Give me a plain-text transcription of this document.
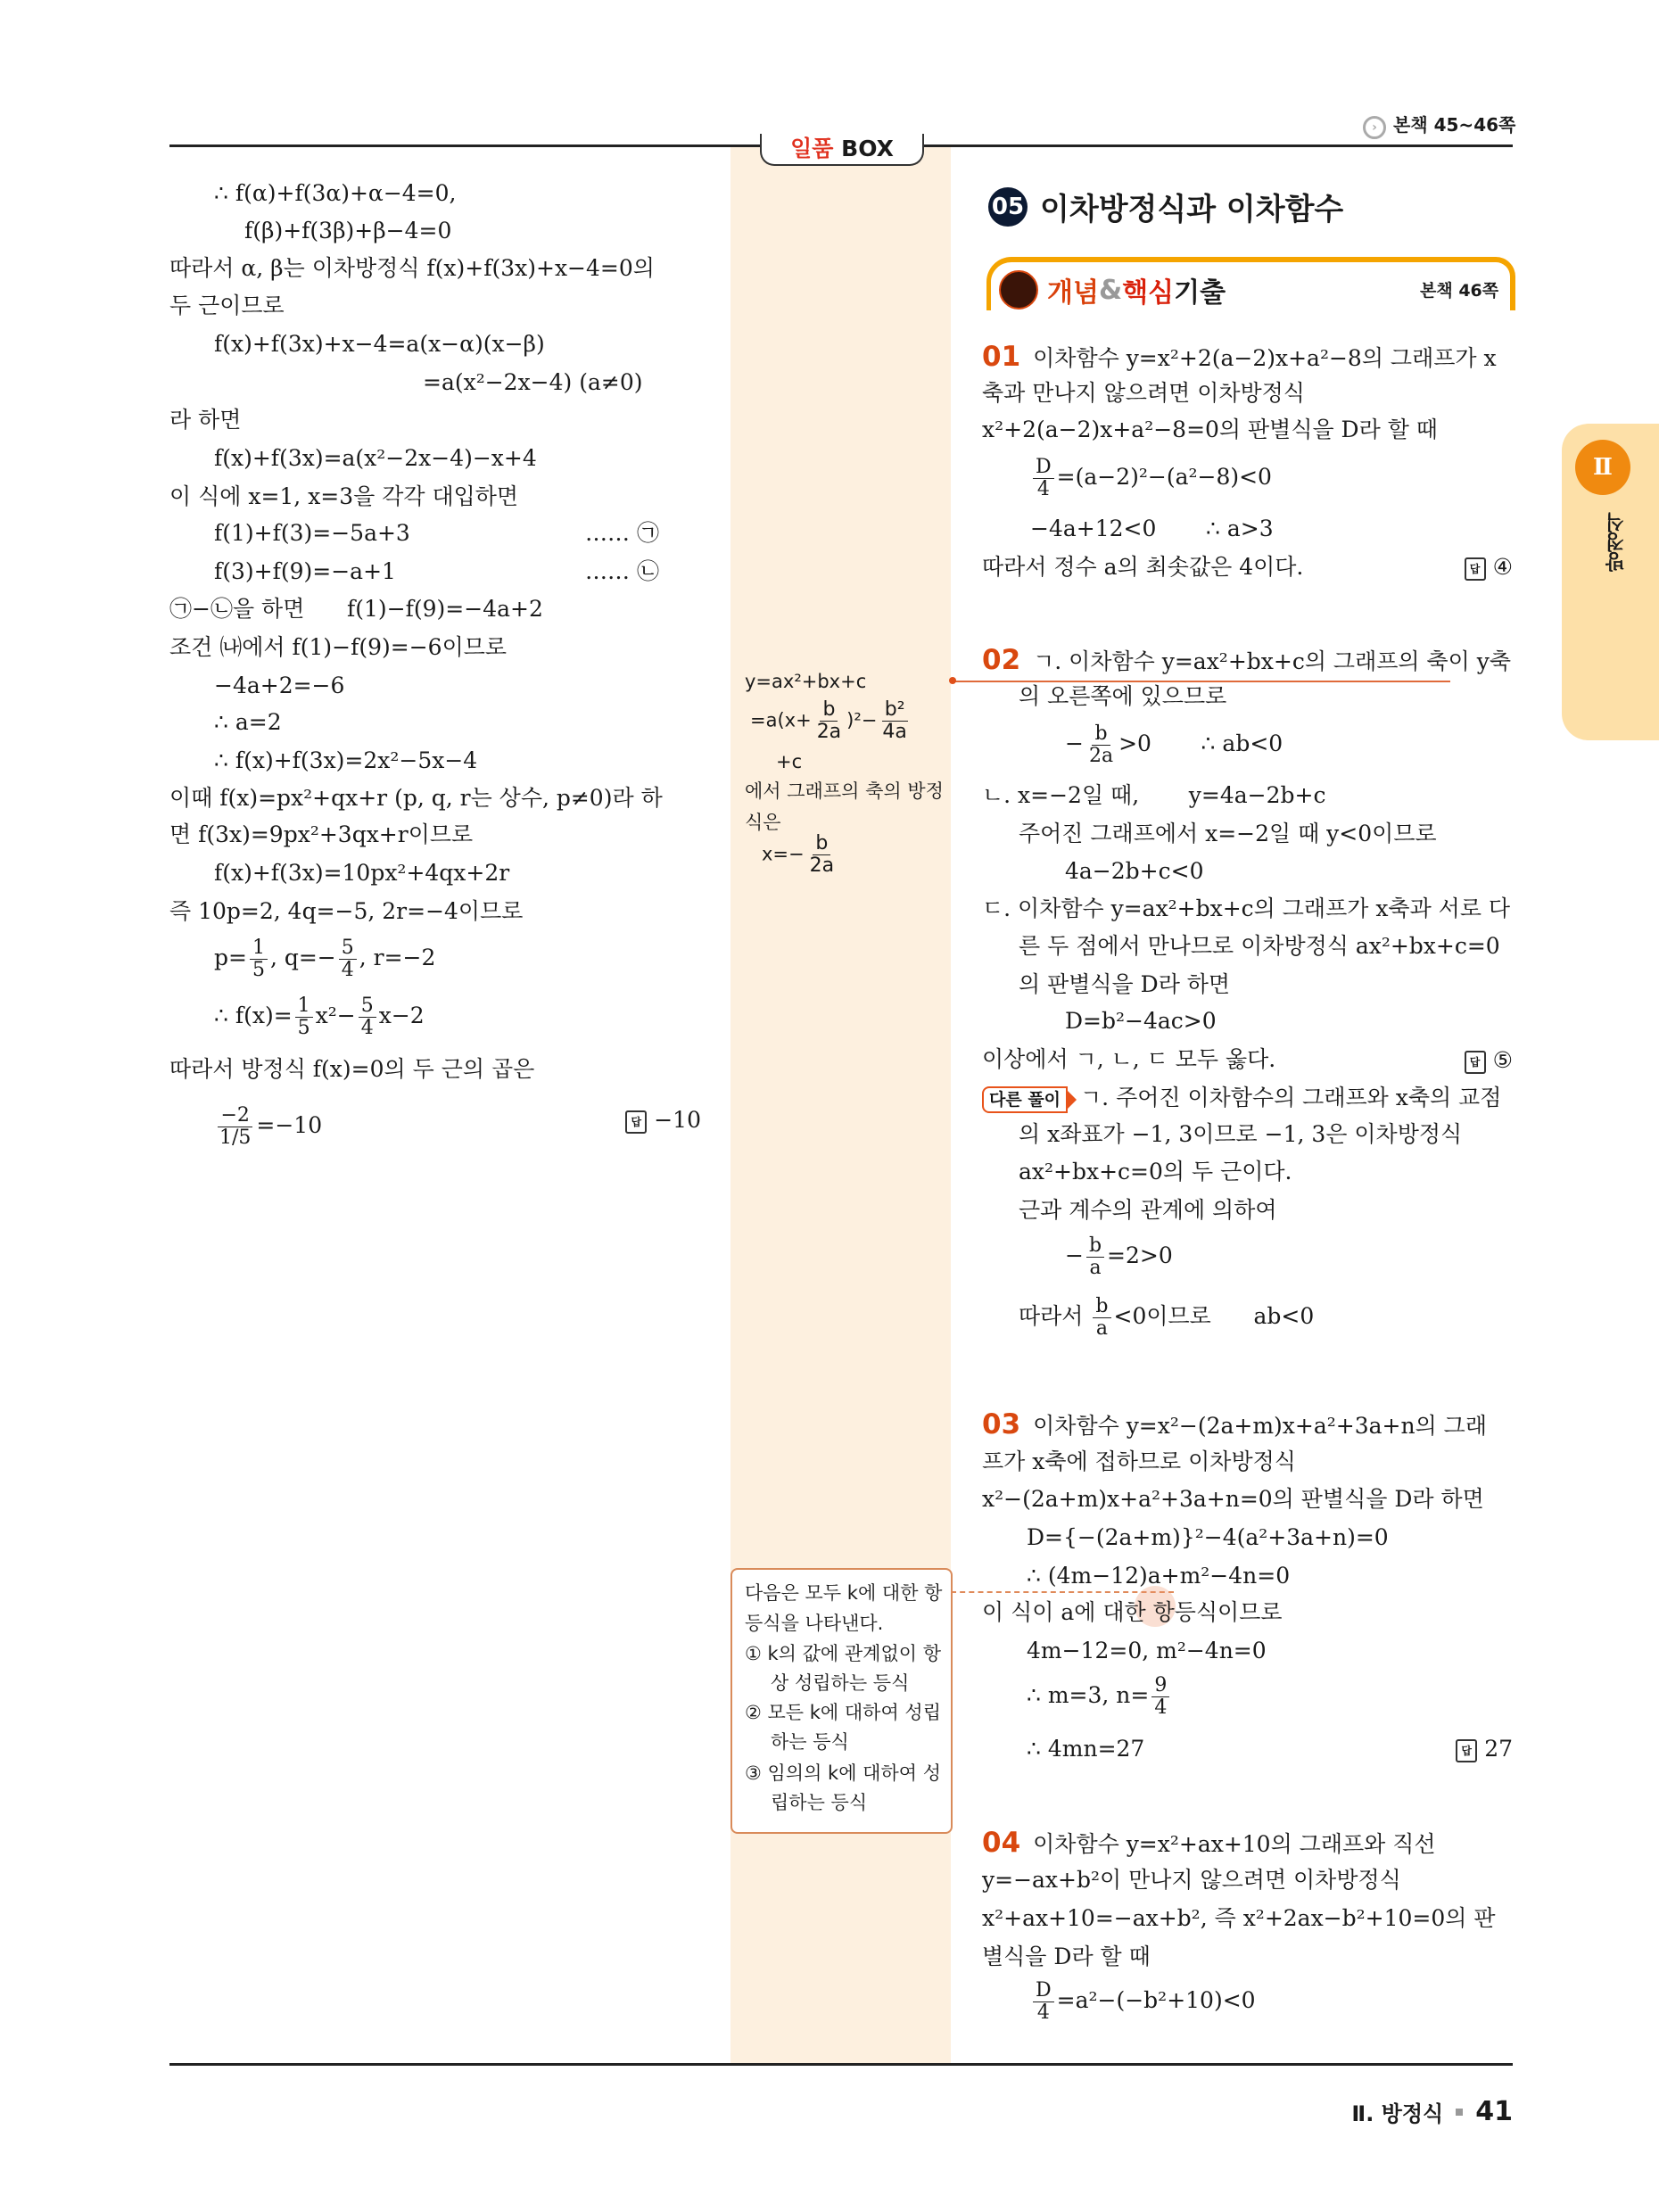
일품 BOX
› 본책 45~46쪽
05 이차방정식과 이차함수
개념 & 핵심 기출	본책 46쪽
Ⅱ
방정식
∴ f(α)+f(3α)+α−4=0,
f(β)+f(3β)+β−4=0
따라서 α, β는 이차방정식 f(x)+f(3x)+x−4=0의
두 근이므로
f(x)+f(3x)+x−4=a(x−α)(x−β)
=a(x²−2x−4) (a≠0)
라 하면
f(x)+f(3x)=a(x²−2x−4)−x+4
이 식에 x=1, x=3을 각각 대입하면
f(1)+f(3)=−5a+3	…… ㉠
f(3)+f(9)=−a+1	…… ㉡
㉠−㉡을 하면      f(1)−f(9)=−4a+2
조건 ㈏에서 f(1)−f(9)=−6이므로
−4a+2=−6
∴ a=2
∴ f(x)+f(3x)=2x²−5x−4
이때 f(x)=px²+qx+r (p, q, r는 상수, p≠0)라 하
면 f(3x)=9px²+3qx+r이므로
f(x)+f(3x)=10px²+4qx+2r
즉 10p=2, 4q=−5, 2r=−4이므로
$p= \frac{1}{5}$ , $q=- \frac{5}{4}$ , r=−2
∴ $f(x)= \frac{1}{5} x^2- \frac{5}{4} x-2$
따라서 방정식 f(x)=0의 두 근의 곱은
$\frac{-2}{1/5} =-10$
y=ax²+bx+c
$=a(x+ \frac{b}{2a} )^2- \frac{\text{b²}}{4a}$
+c
에서 그래프의 축의 방정
식은
$x=- \frac{b}{2a}$
다음은 모두 k에 대한 항
등식을 나타낸다.
① k의 값에 관계없이 항
상 성립하는 등식
② 모든 k에 대하여 성립
하는 등식
③ 임의의 k에 대하여 성
립하는 등식
01 이차함수 y=x²+2(a−2)x+a²−8의 그래프가 x
축과 만나지 않으려면 이차방정식
x²+2(a−2)x+a²−8=0의 판별식을 D라 할 때
$\frac{D}{4} =(a-2)^2-(a^2-8)<0$
−4a+12<0       ∴ a>3
따라서 정수 a의 최솟값은 4이다.
02 ㄱ. 이차함수 y=ax²+bx+c의 그래프의 축이 y축
의 오른쪽에 있으므로
− $\frac{b}{2a} >0$       ∴ ab<0
ㄴ. x=−2일 때,       y=4a−2b+c
주어진 그래프에서 x=−2일 때 y<0이므로
4a−2b+c<0
ㄷ. 이차함수 y=ax²+bx+c의 그래프가 x축과 서로 다
른 두 점에서 만나므로 이차방정식 ax²+bx+c=0
의 판별식을 D라 하면
D=b²−4ac>0
이상에서 ㄱ, ㄴ, ㄷ 모두 옳다.
다른 풀이 ㄱ. 주어진 이차함수의 그래프와 x축의 교점
의 x좌표가 −1, 3이므로 −1, 3은 이차방정식
ax²+bx+c=0의 두 근이다.
근과 계수의 관계에 의하여
− $\frac{b}{a} =2>0$
따라서 $\frac{b}{a} <0$이므로      ab<0
03 이차함수 y=x²−(2a+m)x+a²+3a+n의 그래
프가 x축에 접하므로 이차방정식
x²−(2a+m)x+a²+3a+n=0의 판별식을 D라 하면
D={−(2a+m)}²−4(a²+3a+n)=0
∴ (4m−12)a+m²−4n=0
이 식이 a에 대한 항등식이므로
4m−12=0, m²−4n=0
∴ m=3, $n= \frac{9}{4}$
∴ 4mn=27
04 이차함수 y=x²+ax+10의 그래프와 직선
y=−ax+b²이 만나지 않으려면 이차방정식
x²+ax+10=−ax+b², 즉 x²+2ax−b²+10=0의 판
별식을 D라 할 때
$\frac{D}{4} =a^2-(-b^2+10)<0$
답 −10
답 ④
답 ⑤
답 27
Ⅱ. 방정식 41
